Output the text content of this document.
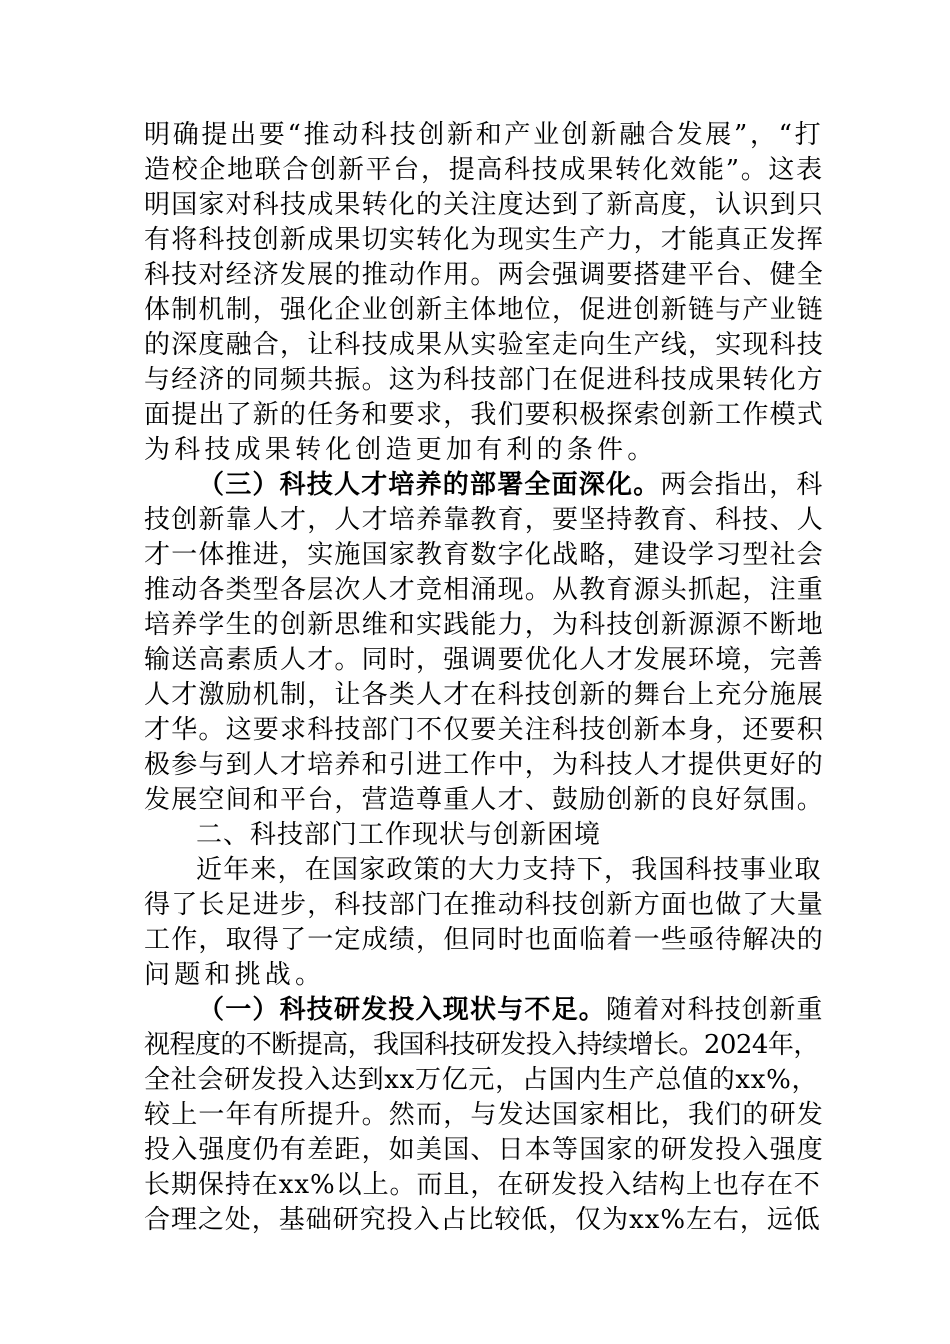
明确提出要“推动科技创新和产业创新融合发展”，“打
造校企地联合创新平台，提高科技成果转化效能”。这表
明国家对科技成果转化的关注度达到了新高度，认识到只
有将科技创新成果切实转化为现实生产力，才能真正发挥
科技对经济发展的推动作用。两会强调要搭建平台、健全
体制机制，强化企业创新主体地位，促进创新链与产业链
的深度融合，让科技成果从实验室走向生产线，实现科技
与经济的同频共振。这为科技部门在促进科技成果转化方
面提出了新的任务和要求，我们要积极探索创新工作模式
为科技成果转化创造更加有利的条件。
（三）科技人才培养的部署全面深化。两会指出，科
技创新靠人才，人才培养靠教育，要坚持教育、科技、人
才一体推进，实施国家教育数字化战略，建设学习型社会
推动各类型各层次人才竞相涌现。从教育源头抓起，注重
培养学生的创新思维和实践能力，为科技创新源源不断地
输送高素质人才。同时，强调要优化人才发展环境，完善
人才激励机制，让各类人才在科技创新的舞台上充分施展
才华。这要求科技部门不仅要关注科技创新本身，还要积
极参与到人才培养和引进工作中，为科技人才提供更好的
发展空间和平台，营造尊重人才、鼓励创新的良好氛围。
二、科技部门工作现状与创新困境
近年来，在国家政策的大力支持下，我国科技事业取
得了长足进步，科技部门在推动科技创新方面也做了大量
工作，取得了一定成绩，但同时也面临着一些亟待解决的
问题和挑战。
（一）科技研发投入现状与不足。随着对科技创新重
视程度的不断提高，我国科技研发投入持续增长。2024年，
全社会研发投入达到xx万亿元，占国内生产总值的xx%，
较上一年有所提升。然而，与发达国家相比，我们的研发
投入强度仍有差距，如美国、日本等国家的研发投入强度
长期保持在xx%以上。而且，在研发投入结构上也存在不
合理之处，基础研究投入占比较低，仅为xx%左右，远低
